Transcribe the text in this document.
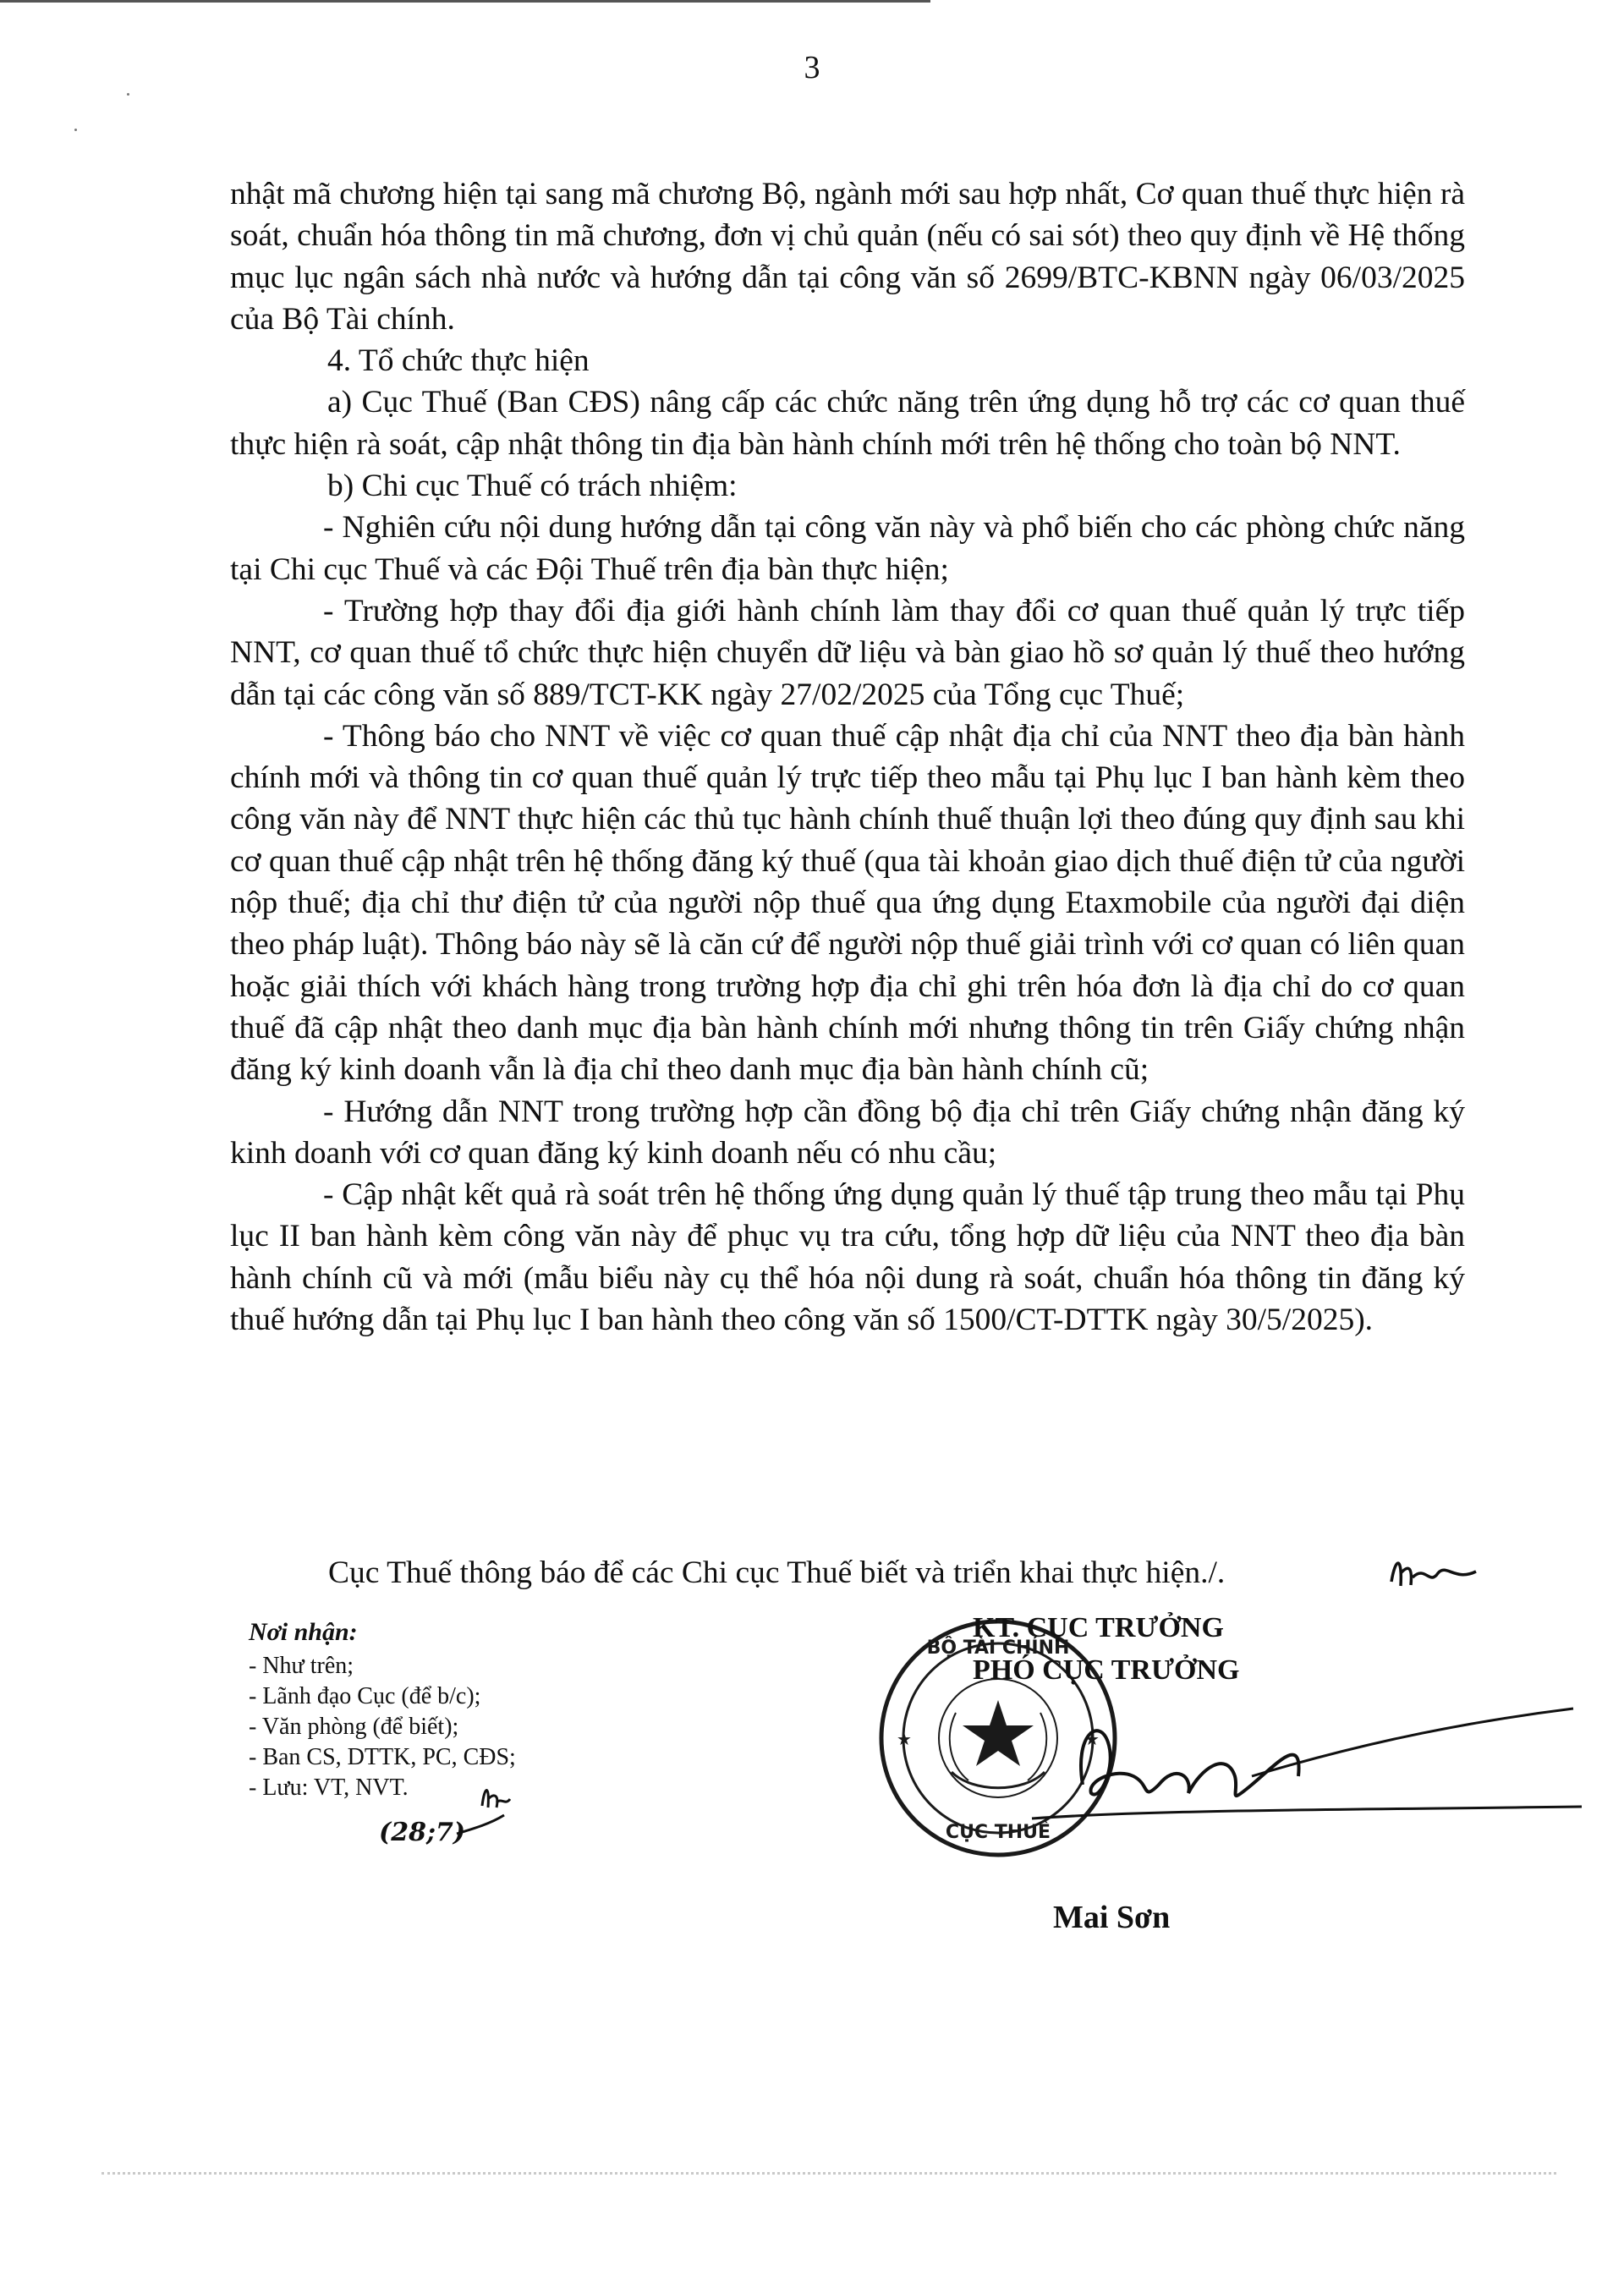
3

nhật mã chương hiện tại sang mã chương Bộ, ngành mới sau hợp nhất, Cơ quan thuế thực hiện rà soát, chuẩn hóa thông tin mã chương, đơn vị chủ quản (nếu có sai sót) theo quy định về Hệ thống mục lục ngân sách nhà nước và hướng dẫn tại công văn số 2699/BTC-KBNN ngày 06/03/2025 của Bộ Tài chính.

4. Tổ chức thực hiện

a) Cục Thuế (Ban CĐS) nâng cấp các chức năng trên ứng dụng hỗ trợ các cơ quan thuế thực hiện rà soát, cập nhật thông tin địa bàn hành chính mới trên hệ thống cho toàn bộ NNT.

b) Chi cục Thuế có trách nhiệm:

- Nghiên cứu nội dung hướng dẫn tại công văn này và phổ biến cho các phòng chức năng tại Chi cục Thuế và các Đội Thuế trên địa bàn thực hiện;

- Trường hợp thay đổi địa giới hành chính làm thay đổi cơ quan thuế quản lý trực tiếp NNT, cơ quan thuế tổ chức thực hiện chuyển dữ liệu và bàn giao hồ sơ quản lý thuế theo hướng dẫn tại các công văn số 889/TCT-KK ngày 27/02/2025 của Tổng cục Thuế;

- Thông báo cho NNT về việc cơ quan thuế cập nhật địa chỉ của NNT theo địa bàn hành chính mới và thông tin cơ quan thuế quản lý trực tiếp theo mẫu tại Phụ lục I ban hành kèm theo công văn này để NNT thực hiện các thủ tục hành chính thuế thuận lợi theo đúng quy định sau khi cơ quan thuế cập nhật trên hệ thống đăng ký thuế (qua tài khoản giao dịch thuế điện tử của người nộp thuế; địa chỉ thư điện tử của người nộp thuế qua ứng dụng Etaxmobile của người đại diện theo pháp luật). Thông báo này sẽ là căn cứ để người nộp thuế giải trình với cơ quan có liên quan hoặc giải thích với khách hàng trong trường hợp địa chỉ ghi trên hóa đơn là địa chỉ do cơ quan thuế đã cập nhật theo danh mục địa bàn hành chính mới nhưng thông tin trên Giấy chứng nhận đăng ký kinh doanh vẫn là địa chỉ theo danh mục địa bàn hành chính cũ;

- Hướng dẫn NNT trong trường hợp cần đồng bộ địa chỉ trên Giấy chứng nhận đăng ký kinh doanh với cơ quan đăng ký kinh doanh nếu có nhu cầu;

- Cập nhật kết quả rà soát trên hệ thống ứng dụng quản lý thuế tập trung theo mẫu tại Phụ lục II ban hành kèm công văn này để phục vụ tra cứu, tổng hợp dữ liệu của NNT theo địa bàn hành chính cũ và mới (mẫu biểu này cụ thể hóa nội dung rà soát, chuẩn hóa thông tin đăng ký thuế hướng dẫn tại Phụ lục I ban hành theo công văn số 1500/CT-DTTK ngày 30/5/2025).

Cục Thuế thông báo để các Chi cục Thuế biết và triển khai thực hiện./.
Nơi nhận:
- Như trên;
- Lãnh đạo Cục (để b/c);
- Văn phòng (để biết);
- Ban CS, DTTK, PC, CĐS;
- Lưu: VT, NVT.
(28;7)
BỘ TÀI CHÍNH
CỤC THUẾ
★	★
KT. CỤC TRƯỞNG
PHÓ CỤC TRƯỞNG
Mai Sơn
